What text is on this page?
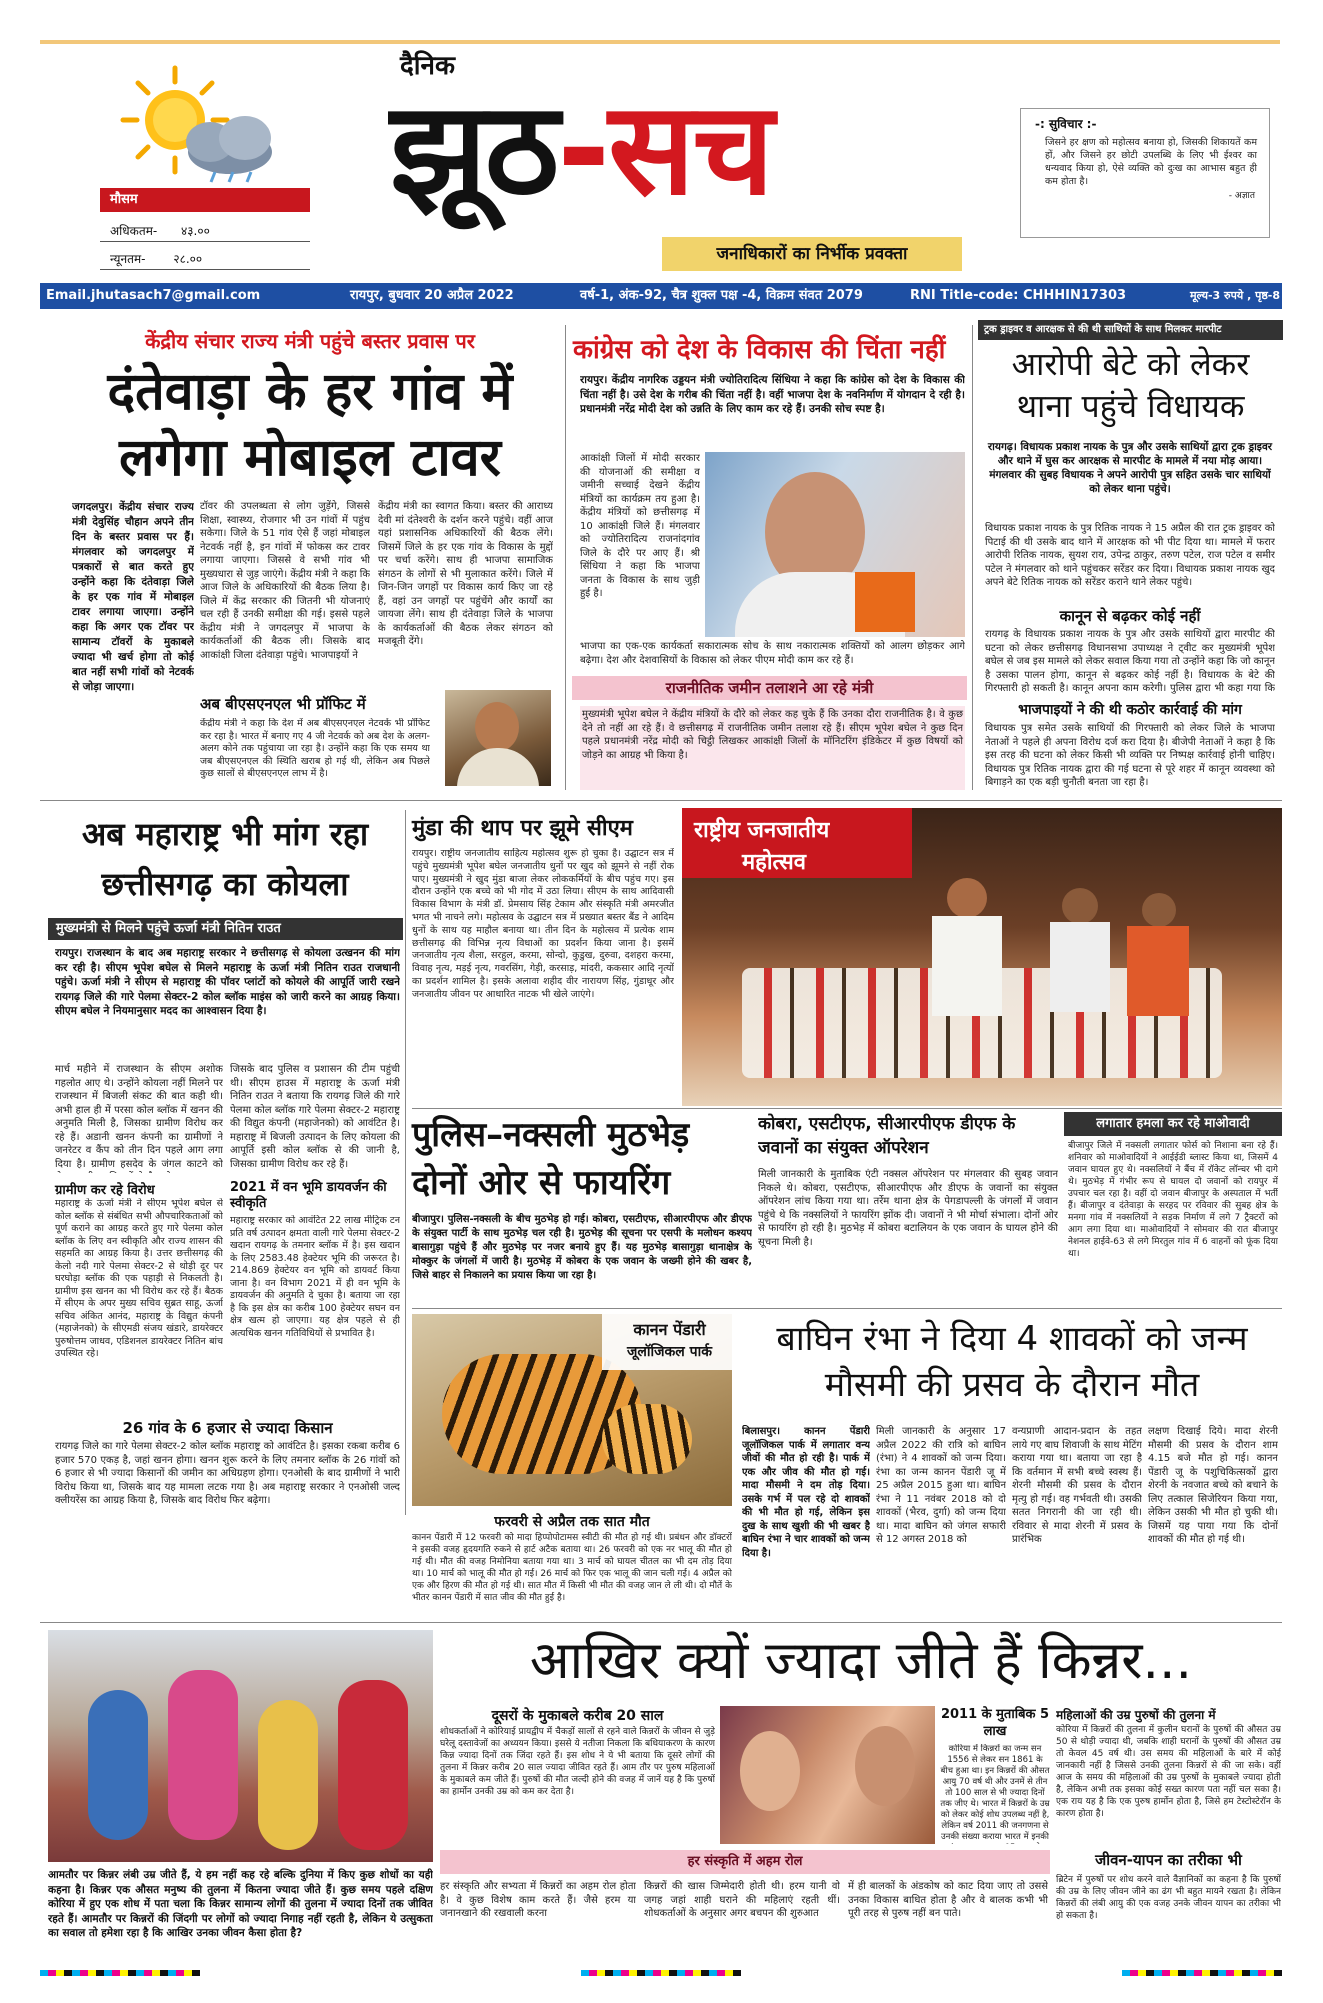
मौसम
अधिकतम- ४३.००
न्यूनतम- २८.००
दैनिक
झूठ-सच
जनाधिकारों का निर्भीक प्रवक्ता
-: सुविचार :-
जिसने हर क्षण को महोत्सव बनाया हो, जिसकी शिकायतें कम हों, और जिसने हर छोटी उपलब्धि के लिए भी ईश्वर का धन्यवाद किया हो, ऐसे व्यक्ति को दुःख का आभास बहुत ही कम होता है।
- अज्ञात
Email.jhutasach7@gmail.com	रायपुर, बुधवार 20 अप्रैल 2022	वर्ष-1, अंक-92, चैत्र शुक्ल पक्ष -4, विक्रम संवत 2079	RNI Title-code: CHHHIN17303	मूल्य-3 रुपये , पृष्ठ-8
केंद्रीय संचार राज्य मंत्री पहुंचे बस्तर प्रवास पर
दंतेवाड़ा के हर गांव में
लगेगा मोबाइल टावर
जगदलपुर। केंद्रीय संचार राज्य मंत्री देवुसिंह चौहान अपने तीन दिन के बस्तर प्रवास पर हैं। मंगलवार को जगदलपुर में पत्रकारों से बात करते हुए उन्होंने कहा कि दंतेवाड़ा जिले के हर एक गांव में मोबाइल टावर लगाया जाएगा। उन्होंने कहा कि अगर एक टॉवर पर सामान्य टॉवरों के मुकाबले ज्यादा भी खर्च होगा तो कोई बात नहीं सभी गांवों को नेटवर्क से जोड़ा जाएगा।
टॉवर की उपलब्धता से लोग जुड़ेंगे, जिससे शिक्षा, स्वास्थ्य, रोजगार भी उन गांवों में पहुंच सकेगा। जिले के 51 गांव ऐसे हैं जहां मोबाइल नेटवर्क नहीं है, इन गांवों में फोकस कर टावर लगाया जाएगा। जिससे वे सभी गांव भी मुख्यधारा से जुड़ जाएंगे। केंद्रीय मंत्री ने कहा कि आज जिले के अधिकारियों की बैठक लिया है। जिले में केंद्र सरकार की जितनी भी योजनाएं चल रही हैं उनकी समीक्षा की गई। इससे पहले केंद्रीय मंत्री ने जगदलपुर में भाजपा के कार्यकर्ताओं की बैठक ली। जिसके बाद आकांक्षी जिला दंतेवाड़ा पहुंचे। भाजपाइयों ने
केंद्रीय मंत्री का स्वागत किया। बस्तर की आराध्य देवी मां दंतेश्वरी के दर्शन करने पहुंचे। वहीं आज यहां प्रशासनिक अधिकारियों की बैठक लेंगे। जिसमें जिले के हर एक गांव के विकास के मुद्दों पर चर्चा करेंगे। साथ ही भाजपा सामाजिक संगठन के लोगों से भी मुलाकात करेंगे। जिले में जिन-जिन जगहों पर विकास कार्य किए जा रहे हैं, वहां उन जगहों पर पहुंचेंगे और कार्यों का जायजा लेंगे। साथ ही दंतेवाड़ा जिले के भाजपा के कार्यकर्ताओं की बैठक लेकर संगठन को मजबूती देंगे।
अब बीएसएनएल भी प्रॉफिट में
केंद्रीय मंत्री ने कहा कि देश में अब बीएसएनएल नेटवर्क भी प्रॉफिट कर रहा है। भारत में बनाए गए 4 जी नेटवर्क को अब देश के अलग-अलग कोने तक पहुंचाया जा रहा है। उन्होंने कहा कि एक समय था जब बीएसएनएल की स्थिति खराब हो गई थी, लेकिन अब पिछले कुछ सालों से बीएसएनएल लाभ में है।
कांग्रेस को देश के विकास की चिंता नहीं
रायपुर। केंद्रीय नागरिक उड्डयन मंत्री ज्योतिरादित्य सिंधिया ने कहा कि कांग्रेस को देश के विकास की चिंता नहीं है। उसे देश के गरीब की चिंता नहीं है। वहीं भाजपा देश के नवनिर्माण में योगदान दे रही है। प्रधानमंत्री नरेंद्र मोदी देश को उन्नति के लिए काम कर रहे हैं। उनकी सोच स्पष्ट है।
आकांक्षी जिलों में मोदी सरकार की योजनाओं की समीक्षा व जमीनी सच्चाई देखने केंद्रीय मंत्रियों का कार्यक्रम तय हुआ है। केंद्रीय मंत्रियों को छत्तीसगढ़ में 10 आकांक्षी जिले हैं। मंगलवार को ज्योतिरादित्य राजनांदगांव जिले के दौरे पर आए हैं। श्री सिंधिया ने कहा कि भाजपा जनता के विकास के साथ जुड़ी हुई है।
भाजपा का एक-एक कार्यकर्ता सकारात्मक सोच के साथ नकारात्मक शक्तियों को आलग छोड़कर आगे बढ़ेगा। देश और देशवासियों के विकास को लेकर पीएम मोदी काम कर रहे हैं।
राजनीतिक जमीन तलाशने आ रहे मंत्री
मुख्यमंत्री भूपेश बघेल ने केंद्रीय मंत्रियों के दौरे को लेकर कह चुके हैं कि उनका दौरा राजनीतिक है। वे कुछ देने तो नहीं आ रहे हैं। वे छत्तीसगढ़ में राजनीतिक जमीन तलाश रहे हैं। सीएम भूपेश बघेल ने कुछ दिन पहले प्रधानमंत्री नरेंद्र मोदी को चिट्ठी लिखकर आकांक्षी जिलों के मॉनिटरिंग इंडिकेटर में कुछ विषयों को जोड़ने का आग्रह भी किया है।
ट्रक ड्राइवर व आरक्षक से की थी साथियों के साथ मिलकर मारपीट
आरोपी बेटे को लेकर
थाना पहुंचे विधायक
रायगढ़। विधायक प्रकाश नायक के पुत्र और उसके साथियों द्वारा ट्रक ड्राइवर और थाने में घुस कर आरक्षक से मारपीट के मामले में नया मोड़ आया। मंगलवार की सुबह विधायक ने अपने आरोपी पुत्र सहित उसके चार साथियों को लेकर थाना पहुंचे।
विधायक प्रकाश नायक के पुत्र रितिक नायक ने 15 अप्रैल की रात ट्रक ड्राइवर को पिटाई की थी उसके बाद थाने में आरक्षक को भी पीट दिया था। मामले में फरार आरोपी रितिक नायक, सुयश राय, उपेन्द्र ठाकुर, तरुण पटेल, राज पटेल व समीर पटेल ने मंगलवार को थाने पहुंचकर सरेंडर कर दिया। विधायक प्रकाश नायक खुद अपने बेटे रितिक नायक को सरेंडर कराने थाने लेकर पहुंचे।
कानून से बढ़कर कोई नहीं
रायगढ़ के विधायक प्रकाश नायक के पुत्र और उसके साथियों द्वारा मारपीट की घटना को लेकर छत्तीसगढ़ विधानसभा उपाध्यक्ष ने ट्वीट कर मुख्यमंत्री भूपेश बघेल से जब इस मामले को लेकर सवाल किया गया तो उन्होंने कहा कि जो कानून है उसका पालन होगा, कानून से बढ़कर कोई नहीं है। विधायक के बेटे की गिरफ्तारी हो सकती है। कानून अपना काम करेगी। पुलिस द्वारा भी कहा गया कि
भाजपाइयों ने की थी कठोर कार्रवाई की मांग
विधायक पुत्र समेत उसके साथियों की गिरफ्तारी को लेकर जिले के भाजपा नेताओं ने पहले ही अपना विरोध दर्ज करा दिया है। बीजेपी नेताओं ने कहा है कि इस तरह की घटना को लेकर किसी भी व्यक्ति पर निष्पक्ष कार्रवाई होनी चाहिए। विधायक पुत्र रितिक नायक द्वारा की गई घटना से पूरे शहर में कानून व्यवस्था को बिगाड़ने का एक बड़ी चुनौती बनता जा रहा है।
अब महाराष्ट्र भी मांग रहा
छत्तीसगढ़ का कोयला
मुख्यमंत्री से मिलने पहुंचे ऊर्जा मंत्री नितिन राउत
रायपुर। राजस्थान के बाद अब महाराष्ट्र सरकार ने छत्तीसगढ़ से कोयला उत्खनन की मांग कर रही है। सीएम भूपेश बघेल से मिलने महाराष्ट्र के ऊर्जा मंत्री नितिन राउत राजधानी पहुंचे। ऊर्जा मंत्री ने सीएम से महाराष्ट्र की पॉवर प्लांटों को कोयले की आपूर्ति जारी रखने रायगढ़ जिले की गारे पेलमा सेक्टर-2 कोल ब्लॉक माइंस को जारी करने का आग्रह किया। सीएम बघेल ने नियमानुसार मदद का आश्वासन दिया है।
मार्च महीने में राजस्थान के सीएम अशोक गहलोत आए थे। उन्होंने कोयला नहीं मिलने पर राजस्थान में बिजली संकट की बात कही थी। अभी हाल ही में परसा कोल ब्लॉक में खनन की अनुमति मिली है, जिसका ग्रामीण विरोध कर रहे हैं। अडानी खनन कंपनी का ग्रामीणों ने जनरेटर व कैंप को तीन दिन पहले आग लगा दिया है। ग्रामीण हसदेव के जंगल काटने को
जिसके बाद पुलिस व प्रशासन की टीम पहुंची थी। सीएम हाउस में महाराष्ट्र के ऊर्जा मंत्री नितिन राउत ने बताया कि रायगढ़ जिले की गारे पेलमा कोल ब्लॉक गारे पेलमा सेक्टर-2 महाराष्ट्र की विद्युत कंपनी (महाजेनको) को आवंटित है। महाराष्ट्र में बिजली उत्पादन के लिए कोयला की आपूर्ति इसी कोल ब्लॉक से की जानी है, जिसका ग्रामीण विरोध कर रहे हैं।
ग्रामीण कर रहे विरोध
महाराष्ट्र के ऊर्जा मंत्री ने सीएम भूपेश बघेल से कोल ब्लॉक से संबंधित सभी औपचारिकताओं को पूर्ण कराने का आग्रह करते हुए गारे पेलमा कोल ब्लॉक के लिए वन स्वीकृति और राज्य शासन की सहमति का आग्रह किया है। उत्तर छत्तीसगढ़ की केलो नदी गारे पेलमा सेक्टर-2 से थोड़ी दूर पर घरघोड़ा ब्लॉक की एक पहाड़ी से निकलती है। ग्रामीण इस खनन का भी विरोध कर रहे हैं। बैठक में सीएम के अपर मुख्य सचिव सुब्रत साहू, ऊर्जा सचिव अंकित आनंद, महाराष्ट्र के विद्युत कंपनी (महाजेनको) के सीएमडी संजय खंडारे, डायरेक्टर पुरुषोत्तम जाधव, एडिशनल डायरेक्टर नितिन बांच उपस्थित रहे।
2021 में वन भूमि डायवर्जन की स्वीकृति
महाराष्ट्र सरकार को आवंटित 22 लाख मीट्रिक टन प्रति वर्ष उत्पादन क्षमता वाली गारे पेलमा सेक्टर-2 खदान रायगढ़ के तमनार ब्लॉक में है। इस खदान के लिए 2583.48 हेक्टेयर भूमि की जरूरत है। 214.869 हेक्टेयर वन भूमि को डायवर्ट किया जाना है। वन विभाग 2021 में ही वन भूमि के डायवर्जन की अनुमति दे चुका है। बताया जा रहा है कि इस क्षेत्र का करीब 100 हेक्टेयर सघन वन क्षेत्र खत्म हो जाएगा। यह क्षेत्र पहले से ही अत्यधिक खनन गतिविधियों से प्रभावित है।
26 गांव के 6 हजार से ज्यादा किसान
रायगढ़ जिले का गारे पेलमा सेक्टर-2 कोल ब्लॉक महाराष्ट्र को आवंटित है। इसका रकबा करीब 6 हजार 570 एकड़ है, जहां खनन होगा। खनन शुरू करने के लिए तमनार ब्लॉक के 26 गांवों को 6 हजार से भी ज्यादा किसानों की जमीन का अधिग्रहण होगा। एनओसी के बाद ग्रामीणों ने भारी विरोध किया था, जिसके बाद यह मामला लटक गया है। अब महाराष्ट्र सरकार ने एनओसी जल्द क्लीयरेंस का आग्रह किया है, जिसके बाद विरोध फिर बढ़ेगा।
मुंडा की थाप पर झूमे सीएम
रायपुर। राष्ट्रीय जनजातीय साहित्य महोत्सव शुरू हो चुका है। उद्घाटन सत्र में पहुंचे मुख्यमंत्री भूपेश बघेल जनजातीय धुनों पर खुद को झूमने से नहीं रोक पाए। मुख्यमंत्री ने खुद मुंडा बाजा लेकर लोककर्मियों के बीच पहुंच गए। इस दौरान उन्होंने एक बच्चे को भी गोद में उठा लिया। सीएम के साथ आदिवासी विकास विभाग के मंत्री डॉ. प्रेमसाय सिंह टेकाम और संस्कृति मंत्री अमरजीत भगत भी नाचने लगे। महोत्सव के उद्घाटन सत्र में प्रख्यात बस्तर बैंड ने आदिम धुनों के साथ यह माहौल बनाया था। तीन दिन के महोत्सव में प्रत्येक शाम छत्तीसगढ़ की विभिन्न नृत्य विधाओं का प्रदर्शन किया जाना है। इसमें जनजातीय नृत्य शैला, सरहुल, करमा, सोन्दो, कुडुख, दुरुवा, दशहरा करमा, विवाह नृत्य, मड़ई नृत्य, गवरसिंग, गेड़ी, करसाड़, मांदरी, ककसार आदि नृत्यों का प्रदर्शन शामिल है। इसके अलावा शहीद वीर नारायण सिंह, गुंडाधूर और जनजातीय जीवन पर आधारित नाटक भी खेले जाएंगे।
राष्ट्रीय जनजातीय
महोत्सव
पुलिस–नक्सली मुठभेड़
दोनों ओर से फायरिंग
बीजापुर। पुलिस-नक्सली के बीच मुठभेड़ हो गई। कोबरा, एसटीएफ, सीआरपीएफ और डीएफ के संयुक्त पार्टी के साथ मुठभेड़ चल रही है। मुठभेड़ की सूचना पर एसपी के मलोधन कश्यप बासागुड़ा पहुंचे हैं और मुठभेड़ पर नजर बनाये हुए हैं। यह मुठभेड़ बासागुड़ा थानाक्षेत्र के मोक्कुर के जंगलों में जारी है। मुठभेड़ में कोबरा के एक जवान के जख्मी होने की खबर है, जिसे बाहर से निकालने का प्रयास किया जा रहा है।
कोबरा, एसटीएफ, सीआरपीएफ डीएफ के जवानों का संयुक्त ऑपरेशन
मिली जानकारी के मुताबिक एंटी नक्सल ऑपरेशन पर मंगलवार की सुबह जवान निकले थे। कोबरा, एसटीएफ, सीआरपीएफ और डीएफ के जवानों का संयुक्त ऑपरेशन लांच किया गया था। तर्रेम थाना क्षेत्र के पेगडापल्ली के जंगलों में जवान पहुंचे थे कि नक्सलियों ने फायरिंग झोंक दी। जवानों ने भी मोर्चा संभाला। दोनों ओर से फायरिंग हो रही है। मुठभेड़ में कोबरा बटालियन के एक जवान के घायल होने की सूचना मिली है।
लगातार हमला कर रहे माओवादी
बीजापुर जिले में नक्सली लगातार फोर्स को निशाना बना रहे हैं। शनिवार को माओवादियों ने आईईडी ब्लास्ट किया था, जिसमें 4 जवान घायल हुए थे। नक्सलियों ने बैंच में रॉकेट लॉन्चर भी दागे थे। मुठभेड़ में गंभीर रूप से घायल दो जवानों को रायपुर में उपचार चल रहा है। वहीं दो जवान बीजापुर के अस्पताल में भर्ती हैं। बीजापुर व दंतेवाड़ा के सरहद पर रविवार की सुबह क्षेत्र के मनगा गांव में नक्सलियों ने सड़क निर्माण में लगे 7 ट्रैक्टरों को आग लगा दिया था। माओवादियों ने सोमवार की रात बीजापुर नेशनल हाईवे-63 से लगे मिरतुल गांव में 6 वाहनों को फूंक दिया था।
कानन पेंडारी
जूलॉजिकल पार्क	बाघिन रंभा ने दिया 4 शावकों को जन्म
मौसमी की प्रसव के दौरान मौत
फरवरी से अप्रैल तक सात मौत
कानन पेंडारी में 12 फरवरी को मादा हिप्पोपोटामस स्वीटी की मौत हो गई थी। प्रबंधन और डॉक्टरों ने इसकी वजह हृदयगति रुकने से हार्ट अटैक बताया था। 26 फरवरी को एक नर भालू की मौत हो गई थी। मौत की वजह निमोनिया बताया गया था। 3 मार्च को घायल चीतल का भी दम तोड़ दिया था। 10 मार्च को भालू की मौत हो गई। 26 मार्च को फिर एक भालू की जान चली गई। 4 अप्रैल को एक और हिरण की मौत हो गई थी। सात मौत में किसी भी मौत की वजह जान ले ली थी। दो मौतें के भीतर कानन पेंडारी में सात जीव की मौत हुई है।
बिलासपुर। कानन पेंडारी जूलॉजिकल पार्क में लगातार वन्य जीवों की मौत हो रही है। पार्क में एक और जीव की मौत हो गई। मादा मौसमी ने दम तोड़ दिया। उसके गर्भ में पल रहे दो शावकों की भी मौत हो गई, लेकिन इस दुख के साथ खुशी की भी खबर है बाघिन रंभा ने चार शावकों को जन्म दिया है।
मिली जानकारी के अनुसार 17 अप्रैल 2022 की रात्रि को बाघिन (रंभा) ने 4 शावकों को जन्म दिया। रंभा का जन्म कानन पेंडारी जू में 25 अप्रैल 2015 हुआ था। बाघिन रंभा ने 11 नवंबर 2018 को दो शावकों (भैरव, दुर्गा) को जन्म दिया था। मादा बाघिन को जंगल सफारी से 12 अगस्त 2018 को
वन्यप्राणी आदान-प्रदान के तहत लाये गए बाघ शिवाजी के साथ मेटिंग कराया गया था। बताया जा रहा है कि वर्तमान में सभी बच्चे स्वस्थ हैं। शेरनी मौसमी की प्रसव के दौरान मृत्यु हो गई। वह गर्भवती थी। उसकी सतत निगरानी की जा रही थी। रविवार से मादा शेरनी में प्रसव के प्रारंभिक
लक्षण दिखाई दिये। मादा शेरनी मौसमी की प्रसव के दौरान शाम 4.15 बजे मौत हो गई। कानन पेंडारी जू के पशुचिकित्सकों द्वारा शेरनी के नवजात बच्चे को बचाने के लिए तत्काल सिजेरियन किया गया, लेकिन उसकी भी मौत हो चुकी थी। जिसमें यह पाया गया कि दोनों शावकों की मौत हो गई थी।
आमतौर पर किन्नर लंबी उम्र जीते हैं, ये हम नहीं कह रहे बल्कि दुनिया में किए कुछ शोधों का यही कहना है। किन्नर एक औसत मनुष्य की तुलना में कितना ज्यादा जीते हैं। कुछ समय पहले दक्षिण कोरिया में हुए एक शोध में पता चला कि किन्नर सामान्य लोगों की तुलना में ज्यादा दिनों तक जीवित रहते हैं। आमतौर पर किन्नरों की जिंदगी पर लोगों को ज्यादा निगाह नहीं रहती है, लेकिन ये उत्सुकता का सवाल तो हमेशा रहा है कि आखिर उनका जीवन कैसा होता है?
आखिर क्यों ज्यादा जीते हैं किन्नर...
दूसरों के मुकाबले करीब 20 साल
शोधकर्ताओं ने कोरियाई प्रायद्वीप में चैकड़ों सालों से रहने वाले किन्नरों के जीवन से जुड़े घरेलू दस्तावेजों का अध्ययन किया। इससे ये नतीजा निकला कि बधियाकरण के कारण किन्न ज्यादा दिनों तक जिंदा रहते हैं। इस शोध ने ये भी बताया कि दूसरे लोगों की तुलना में किन्नर करीब 20 साल ज्यादा जीवित रहते हैं। आम तौर पर पुरुष महिलाओं के मुकाबले कम जीते हैं। पुरुषों की मौत जल्दी होने की वजह में जानें यह है कि पुरुषों का हार्मोन उनकी उम्र को कम कर देता है।
2011 के मुताबिक 5 लाख
कोरिया में किन्नरों का जन्म सन 1556 से लेकर सन 1861 के बीच हुआ था। इन किन्नरों की औसत आयु 70 वर्ष थी और उनमें से तीन तो 100 साल से भी ज्यादा दिनों तक जीए थे। भारत में किन्नरों के उम्र को लेकर कोई शोध उपलब्ध नहीं है, लेकिन वर्ष 2011 की जनगणना से उनकी संख्या कराया भारत में इनकी
महिलाओं की उम्र पुरुषों की तुलना में
कोरिया में किन्नरों की तुलना में कुलीन घरानों के पुरुषों की औसत उम्र 50 से थोड़ी ज्यादा थी, जबकि शाही घरानों के पुरुषों की औसत उम्र तो केवल 45 वर्ष थी। उस समय की महिलाओं के बारे में कोई जानकारी नहीं है जिससे उनकी तुलना किन्नरों से की जा सके। वहीं आज के समय की महिलाओं की उम्र पुरुषों के मुकाबले ज्यादा होती है, लेकिन अभी तक इसका कोई सख्त कारण पता नहीं चल सका है। एक राय यह है कि एक पुरुष हार्मोन होता है, जिसे हम टेस्टोस्टेरॉन के कारण होता है।
हर संस्कृति में अहम रोल
हर संस्कृति और सभ्यता में किन्नरों का अहम रोल होता है। वे कुछ विशेष काम करते हैं। जैसे हरम या जनानखाने की रखवाली करना
किन्नरों की खास जिम्मेदारी होती थी। हरम यानी वो जगह जहां शाही घराने की महिलाएं रहती थीं। शोधकर्ताओं के अनुसार अगर बचपन की शुरुआत
में ही बालकों के अंडकोष को काट दिया जाए तो उससे उनका विकास बाधित होता है और वे बालक कभी भी पूरी तरह से पुरुष नहीं बन पाते।
जीवन-यापन का तरीका भी
ब्रिटेन में पुरुषों पर शोध करने वाले वैज्ञानिकों का कहना है कि पुरुषों की उम्र के लिए जीवन जीने का ढंग भी बहुत मायने रखता है। लेकिन किन्नरों की लंबी आयु की एक वजह उनके जीवन यापन का तरीका भी हो सकता है।
